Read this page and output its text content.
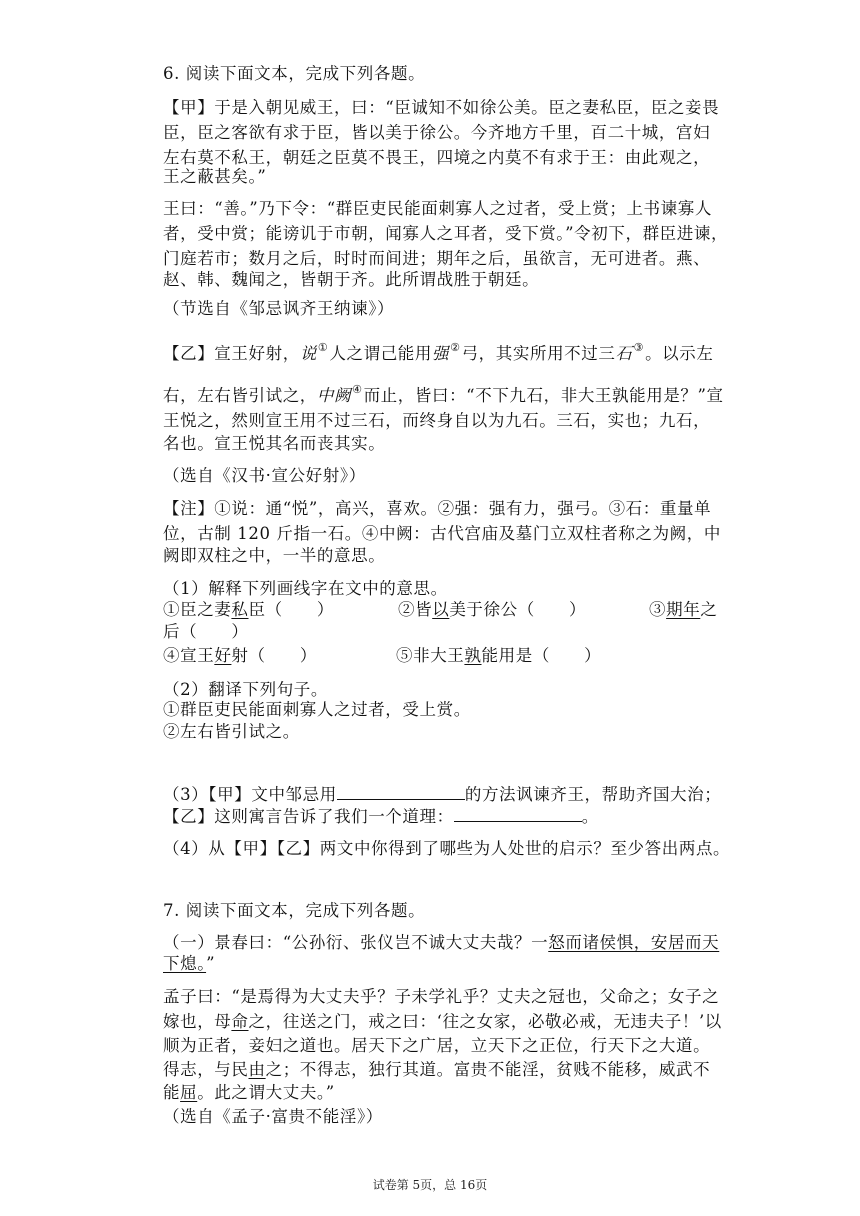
6. 阅读下面文本，完成下列各题。
【甲】于是入朝见威王，曰：“臣诚知不如徐公美。臣之妻私臣，臣之妾畏
臣，臣之客欲有求于臣，皆以美于徐公。今齐地方千里，百二十城，宫妇
左右莫不私王，朝廷之臣莫不畏王，四境之内莫不有求于王：由此观之，
王之蔽甚矣。”
王曰：“善。”乃下令：“群臣吏民能面刺寡人之过者，受上赏；上书谏寡人
者，受中赏；能谤讥于市朝，闻寡人之耳者，受下赏。”令初下，群臣进谏，
门庭若市；数月之后，时时而间进；期年之后，虽欲言，无可进者。燕、
赵、韩、魏闻之，皆朝于齐。此所谓战胜于朝廷。
（节选自《邹忌讽齐王纳谏》）
【乙】宣王好射，说①人之谓己能用强②弓，其实所用不过三石③。以示左
右，左右皆引试之，中阙④而止，皆曰：“不下九石，非大王孰能用是？”宣
王悦之，然则宣王用不过三石，而终身自以为九石。三石，实也；九石，
名也。宣王悦其名而丧其实。
（选自《汉书·宣公好射》）
【注】①说：通“悦”，高兴，喜欢。②强：强有力，强弓。③石：重量单
位，古制 120 斤指一石。④中阙：古代宫庙及墓门立双柱者称之为阙，中
阙即双柱之中，一半的意思。
（1）解释下列画线字在文中的意思。
①臣之妻私臣（　　）	②皆以美于徐公（　　）	③期年之
后（　　）
④宣王好射（　　）	⑤非大王孰能用是（　　）
（2）翻译下列句子。
①群臣吏民能面刺寡人之过者，受上赏。
②左右皆引试之。
（3）【甲】文中邹忌用	的方法讽谏齐王，帮助齐国大治；
【乙】这则寓言告诉了我们一个道理：	。
（4）从【甲】【乙】两文中你得到了哪些为人处世的启示？至少答出两点。
7. 阅读下面文本，完成下列各题。
（一）景春曰：“公孙衍、张仪岂不诚大丈夫哉？一怒而诸侯惧，安居而天
下熄。”
孟子曰：“是焉得为大丈夫乎？子未学礼乎？丈夫之冠也，父命之；女子之
嫁也，母命之，往送之门，戒之曰：‘往之女家，必敬必戒，无违夫子！’以
顺为正者，妾妇之道也。居天下之广居，立天下之正位，行天下之大道。
得志，与民由之；不得志，独行其道。富贵不能淫，贫贱不能移，威武不
能屈。此之谓大丈夫。”
（选自《孟子·富贵不能淫》）
试卷第 5页，总 16页
